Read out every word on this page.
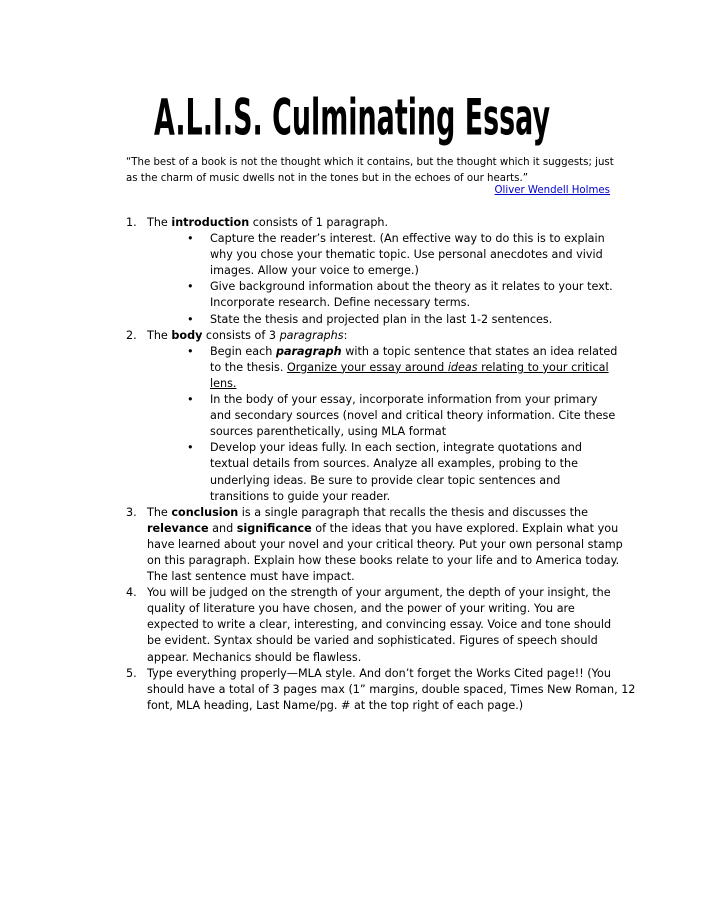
A.L.I.S. Culminating Essay
“The best of a book is not the thought which it contains, but the thought which it suggests; just
as the charm of music dwells not in the tones but in the echoes of our hearts.”
Oliver Wendell Holmes
1. The introduction consists of 1 paragraph.
• Capture the reader’s interest. (An effective way to do this is to explain
why you chose your thematic topic. Use personal anecdotes and vivid
images. Allow your voice to emerge.)
• Give background information about the theory as it relates to your text.
Incorporate research. Define necessary terms.
• State the thesis and projected plan in the last 1-2 sentences.
2. The body consists of 3 paragraphs:
• Begin each paragraph with a topic sentence that states an idea related
to the thesis. Organize your essay around ideas relating to your critical
lens.
• In the body of your essay, incorporate information from your primary
and secondary sources (novel and critical theory information. Cite these
sources parenthetically, using MLA format
• Develop your ideas fully. In each section, integrate quotations and
textual details from sources. Analyze all examples, probing to the
underlying ideas. Be sure to provide clear topic sentences and
transitions to guide your reader.
3. The conclusion is a single paragraph that recalls the thesis and discusses the
relevance and significance of the ideas that you have explored. Explain what you
have learned about your novel and your critical theory. Put your own personal stamp
on this paragraph. Explain how these books relate to your life and to America today.
The last sentence must have impact.
4. You will be judged on the strength of your argument, the depth of your insight, the
quality of literature you have chosen, and the power of your writing. You are
expected to write a clear, interesting, and convincing essay. Voice and tone should
be evident. Syntax should be varied and sophisticated. Figures of speech should
appear. Mechanics should be flawless.
5. Type everything properly—MLA style. And don’t forget the Works Cited page!! (You
should have a total of 3 pages max (1” margins, double spaced, Times New Roman, 12
font, MLA heading, Last Name/pg. # at the top right of each page.)
